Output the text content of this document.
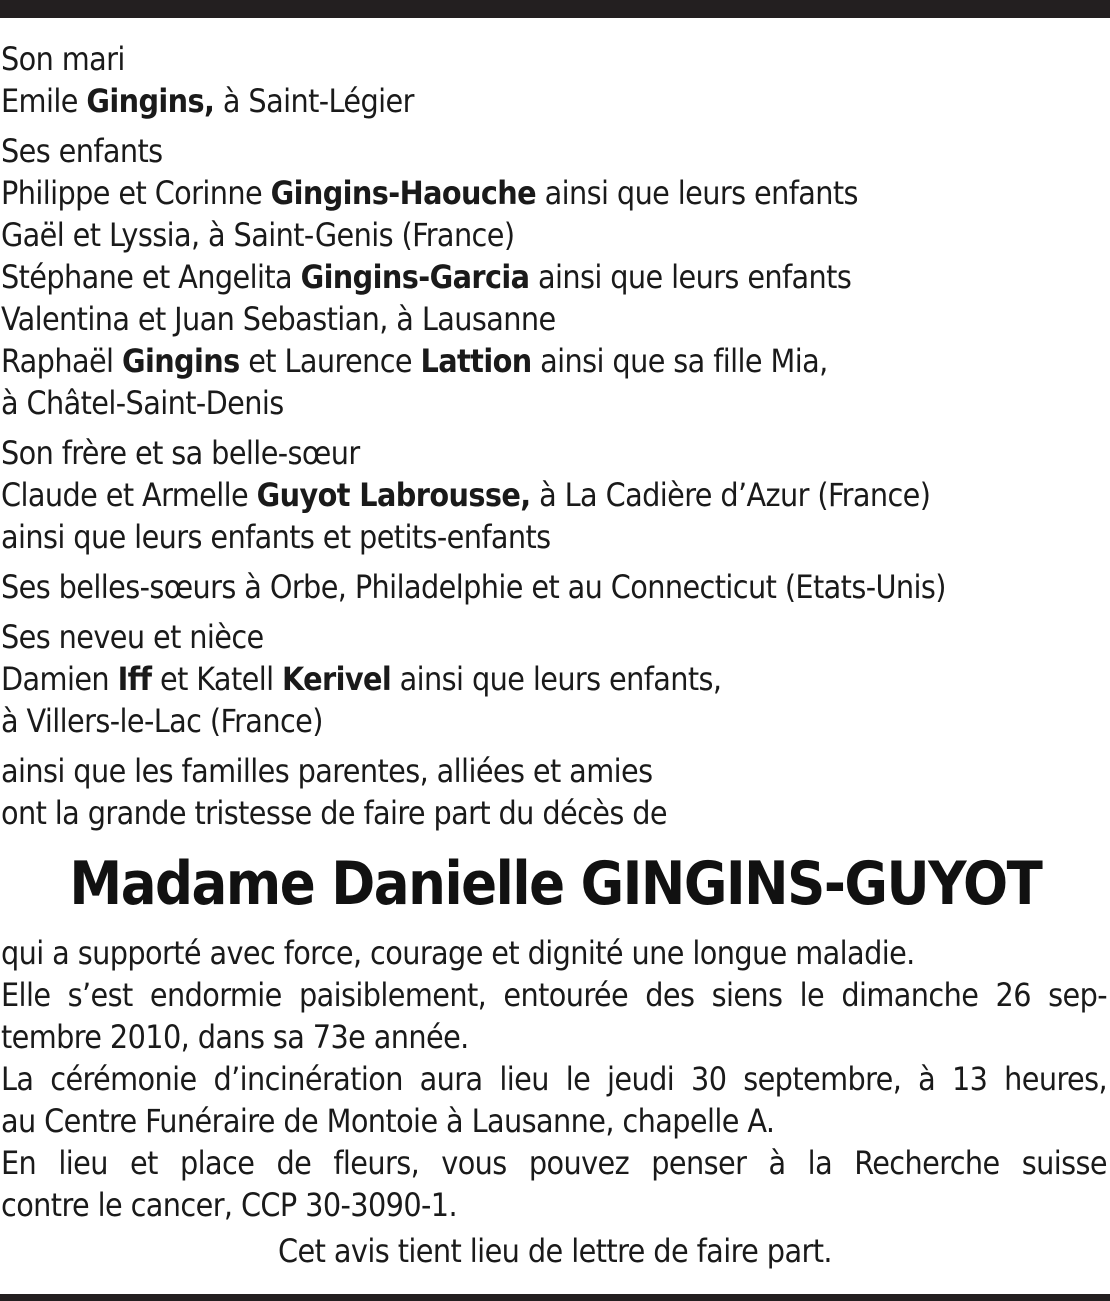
Son mari
Emile Gingins, à Saint-Légier
Ses enfants
Philippe et Corinne Gingins-Haouche ainsi que leurs enfants
Gaël et Lyssia, à Saint-Genis (France)
Stéphane et Angelita Gingins-Garcia ainsi que leurs enfants
Valentina et Juan Sebastian, à Lausanne
Raphaël Gingins et Laurence Lattion ainsi que sa fille Mia,
à Châtel-Saint-Denis
Son frère et sa belle-sœur
Claude et Armelle Guyot Labrousse, à La Cadière d’Azur (France)
ainsi que leurs enfants et petits-enfants
Ses belles-sœurs à Orbe, Philadelphie et au Connecticut (Etats-Unis)
Ses neveu et nièce
Damien Iff et Katell Kerivel ainsi que leurs enfants,
à Villers-le-Lac (France)
ainsi que les familles parentes, alliées et amies
ont la grande tristesse de faire part du décès de
Madame Danielle GINGINS-GUYOT
qui a supporté avec force, courage et dignité une longue maladie.
Elle s’est endormie paisiblement, entourée des siens le dimanche 26 sep-
tembre 2010, dans sa 73e année.
La cérémonie d’incinération aura lieu le jeudi 30 septembre, à 13 heures,
au Centre Funéraire de Montoie à Lausanne, chapelle A.
En lieu et place de fleurs, vous pouvez penser à la Recherche suisse
contre le cancer, CCP 30-3090-1.
Cet avis tient lieu de lettre de faire part.
